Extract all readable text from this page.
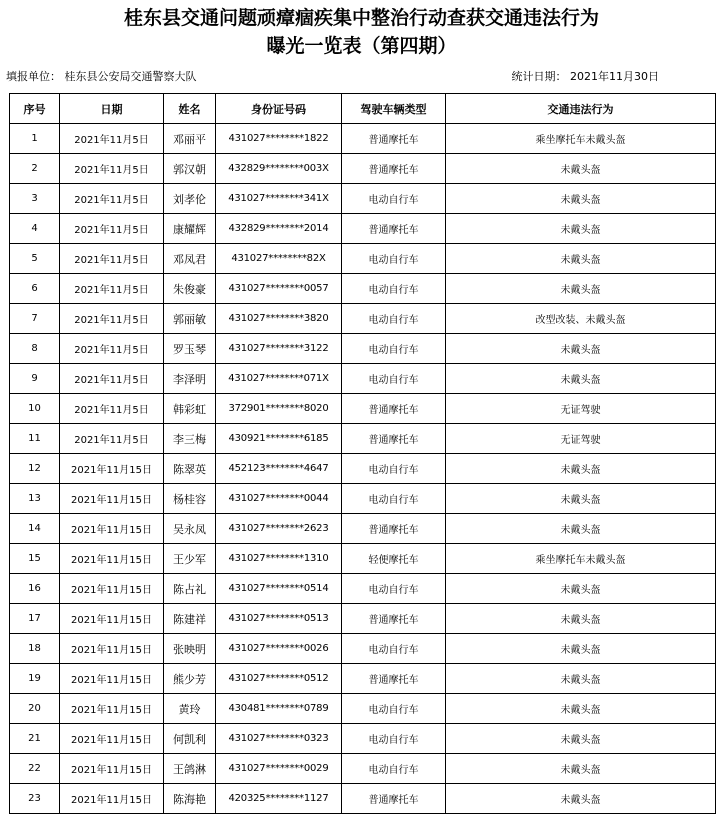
桂东县交通问题顽瘴痼疾集中整治行动查获交通违法行为
曝光一览表（第四期）
填报单位： 桂东县公安局交通警察大队	统计日期： 2021年11月30日
序号	日期	姓名	身份证号码	驾驶车辆类型	交通违法行为
1	2021年11月5日	邓丽平	431027********1822	普通摩托车	乘坐摩托车未戴头盔
2	2021年11月5日	郭汉朝	432829********003X	普通摩托车	未戴头盔
3	2021年11月5日	刘孝伦	431027********341X	电动自行车	未戴头盔
4	2021年11月5日	康耀辉	432829********2014	普通摩托车	未戴头盔
5	2021年11月5日	邓凤君	431027********82X	电动自行车	未戴头盔
6	2021年11月5日	朱俊豪	431027********0057	电动自行车	未戴头盔
7	2021年11月5日	郭丽敏	431027********3820	电动自行车	改型改装、未戴头盔
8	2021年11月5日	罗玉琴	431027********3122	电动自行车	未戴头盔
9	2021年11月5日	李泽明	431027********071X	电动自行车	未戴头盔
10	2021年11月5日	韩彩虹	372901********8020	普通摩托车	无证驾驶
11	2021年11月5日	李三梅	430921********6185	普通摩托车	无证驾驶
12	2021年11月15日	陈翠英	452123********4647	电动自行车	未戴头盔
13	2021年11月15日	杨桂容	431027********0044	电动自行车	未戴头盔
14	2021年11月15日	吴永凤	431027********2623	普通摩托车	未戴头盔
15	2021年11月15日	王少军	431027********1310	轻便摩托车	乘坐摩托车未戴头盔
16	2021年11月15日	陈占礼	431027********0514	电动自行车	未戴头盔
17	2021年11月15日	陈建祥	431027********0513	普通摩托车	未戴头盔
18	2021年11月15日	张映明	431027********0026	电动自行车	未戴头盔
19	2021年11月15日	熊少芳	431027********0512	普通摩托车	未戴头盔
20	2021年11月15日	黄玲	430481********0789	电动自行车	未戴头盔
21	2021年11月15日	何凯利	431027********0323	电动自行车	未戴头盔
22	2021年11月15日	王鸽淋	431027********0029	电动自行车	未戴头盔
23	2021年11月15日	陈海艳	420325********1127	普通摩托车	未戴头盔
